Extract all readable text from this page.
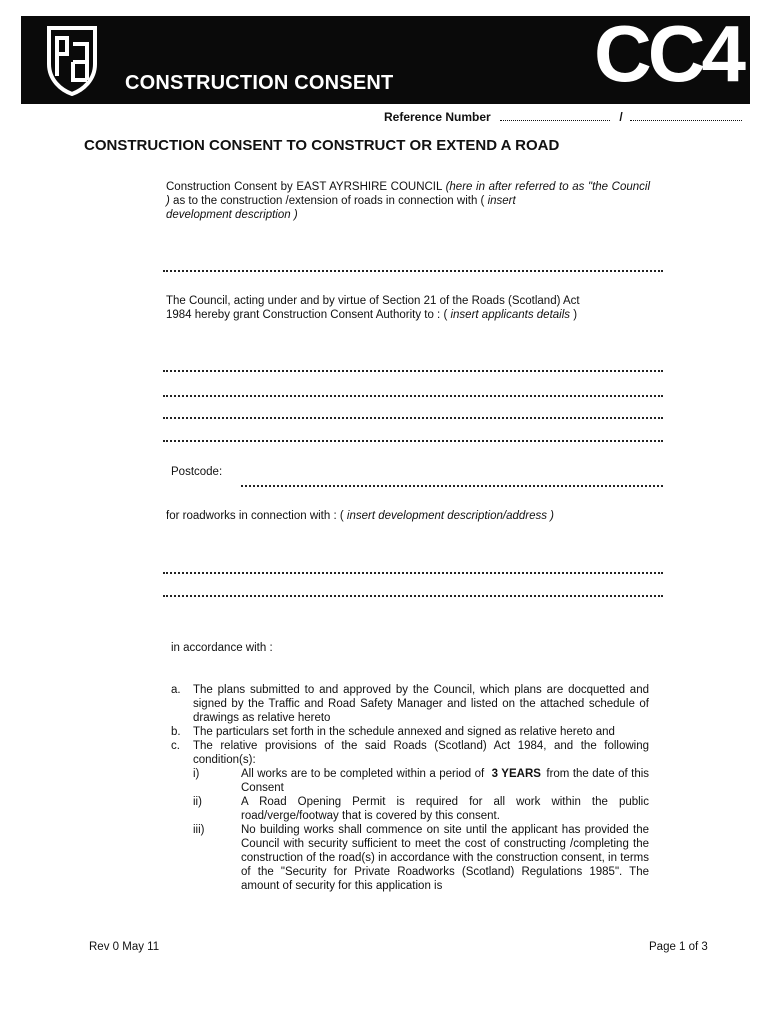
CONSTRUCTION CONSENT	CC4
Reference Number	/
CONSTRUCTION CONSENT TO CONSTRUCT OR EXTEND A ROAD
Construction Consent by EAST AYRSHIRE COUNCIL (here in after referred to as "the Council ) as to the construction /extension of roads in connection with ( insert
development description )
The Council, acting under and by virtue of Section 21 of the Roads (Scotland) Act
1984 hereby grant Construction Consent Authority to : ( insert applicants details )
Postcode:
for roadworks in connection with : ( insert development description/address )
in accordance with :
a.	The plans submitted to and approved by the Council, which plans are docquetted and signed by the Traffic and Road Safety Manager and listed on the attached schedule of drawings as relative hereto
b.	The particulars set forth in the schedule annexed and signed as relative hereto and
c.	The relative provisions of the said Roads (Scotland) Act 1984, and the following condition(s):
i)	All works are to be completed within a period of 3 YEARS from the date of this Consent
ii)	A Road Opening Permit is required for all work within the public road/verge/footway that is covered by this consent.
iii)	No building works shall commence on site until the applicant has provided the Council with security sufficient to meet the cost of constructing /completing the construction of the road(s) in accordance with the construction consent, in terms of the "Security for Private Roadworks (Scotland) Regulations 1985". The amount of security for this application is
Rev 0 May 11	Page 1 of 3
